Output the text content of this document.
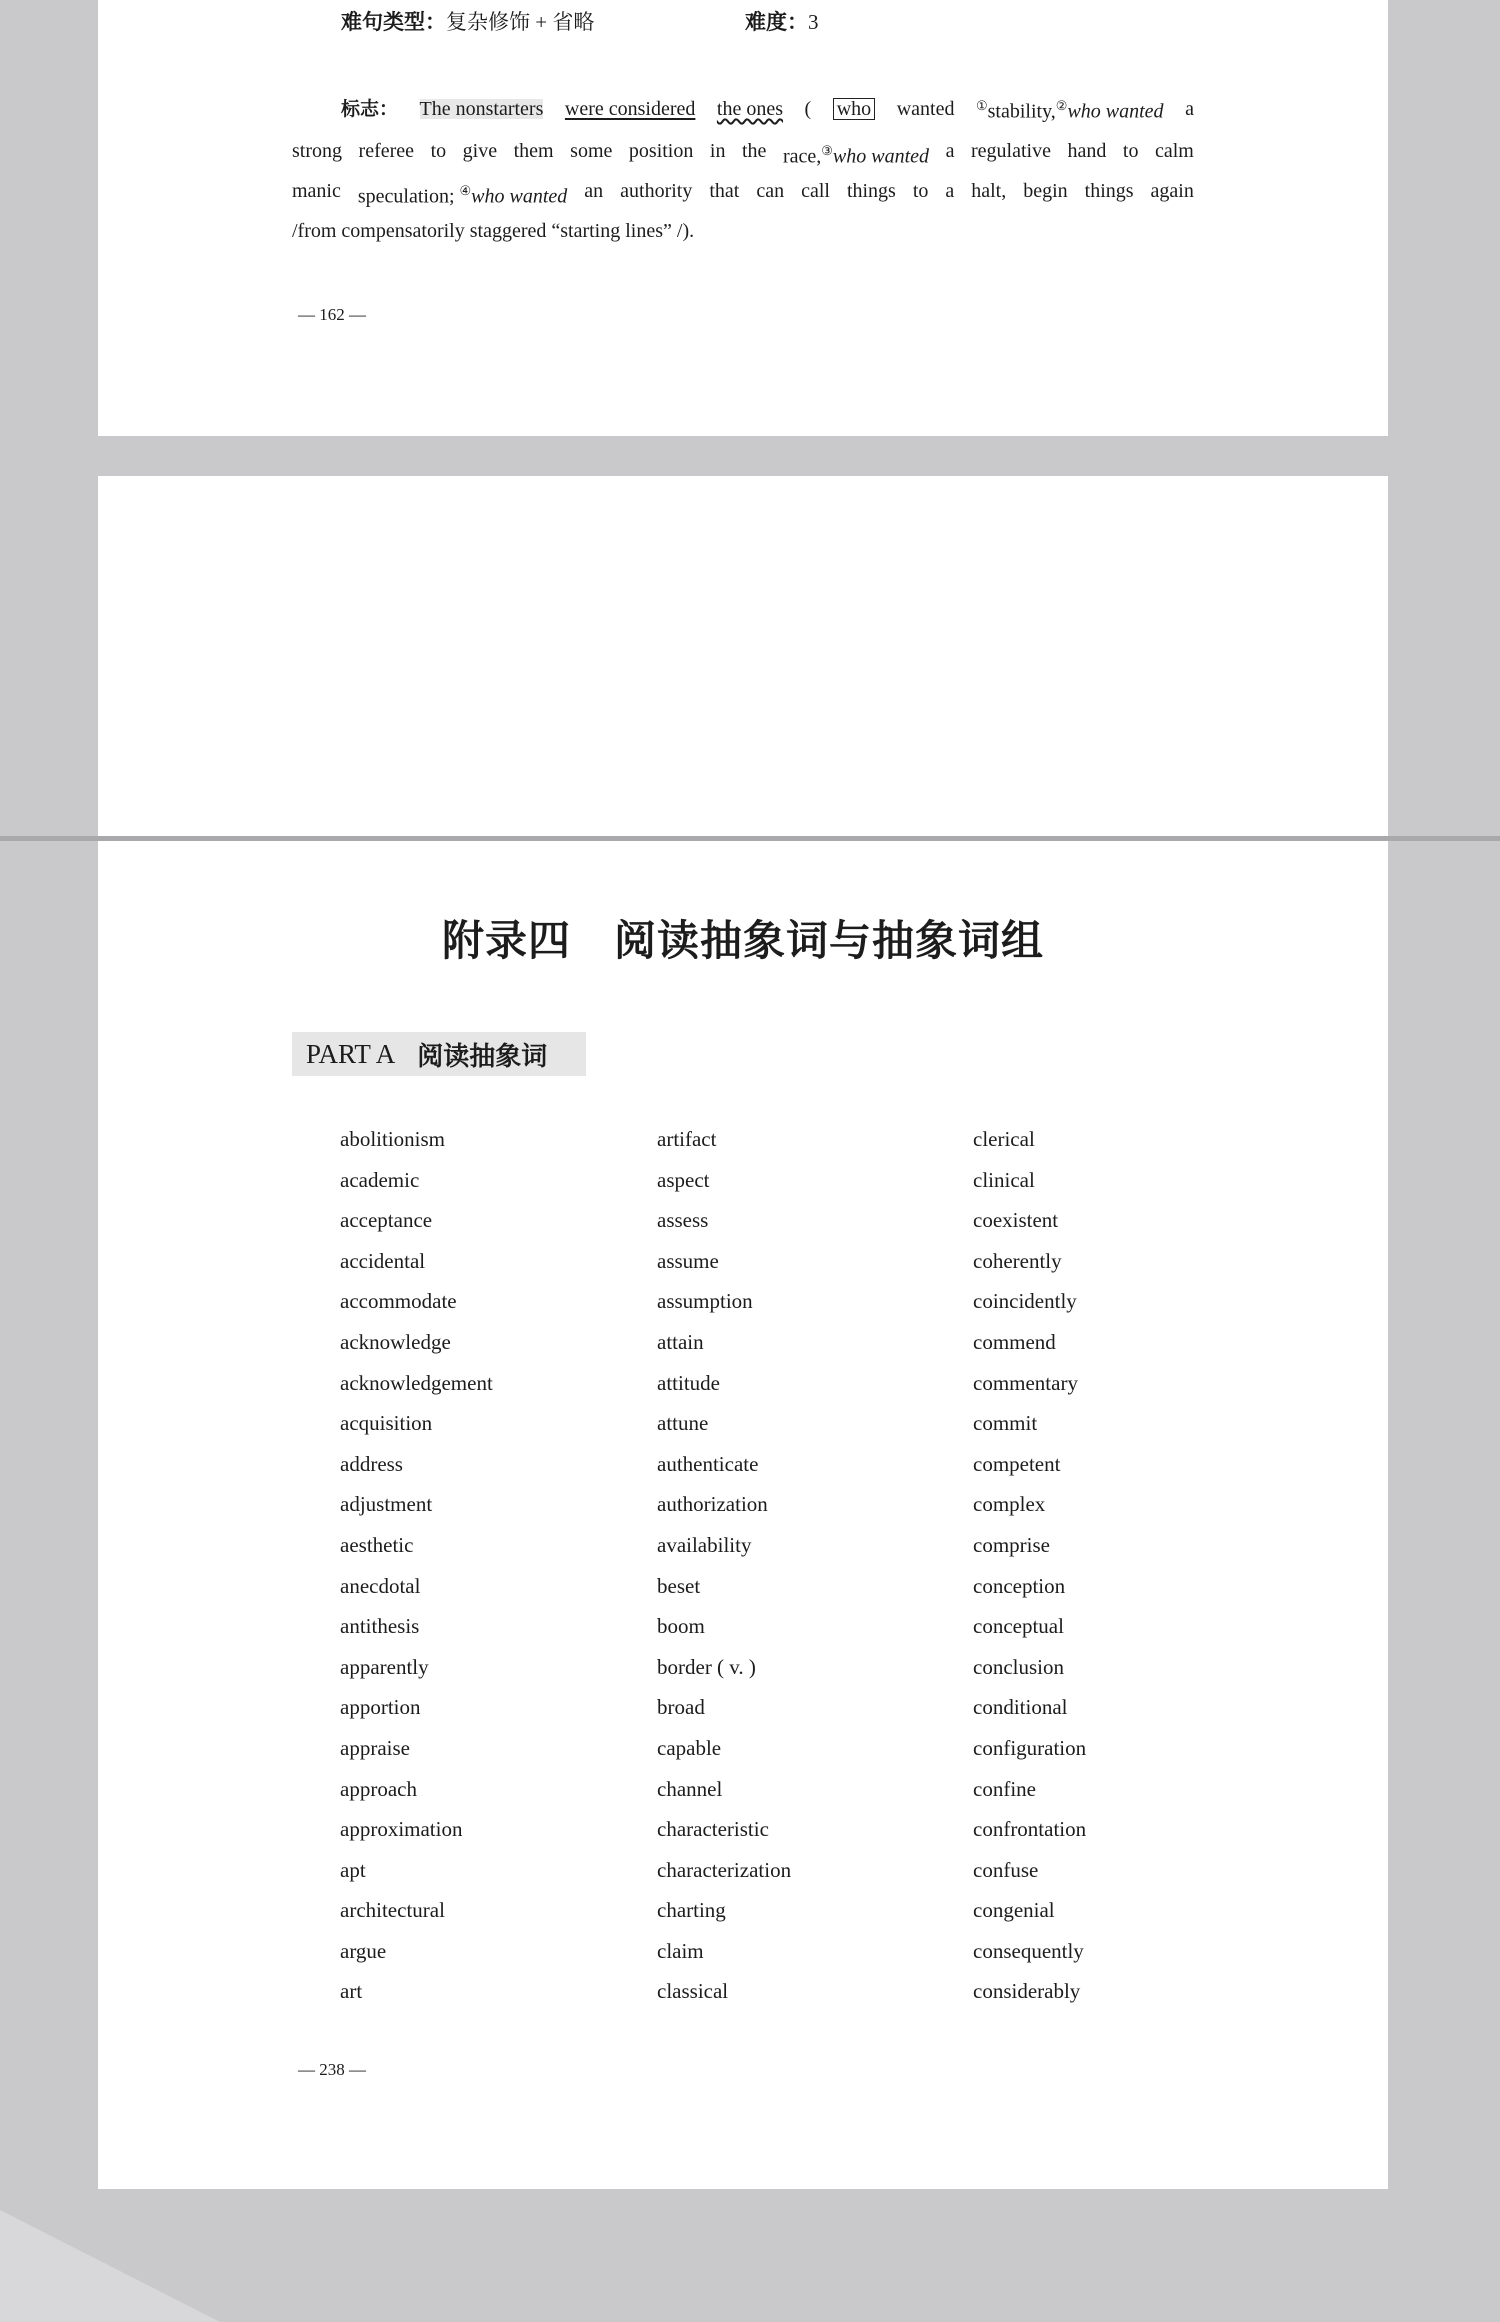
难句类型：复杂修饰 + 省略	难度：3
标志： The nonstarters were considered the ones ( who wanted ①stability,②who wanted a
strong referee to give them some position in the race,③who wanted a regulative hand to calm
manic speculation; ④who wanted an authority that can call things to a halt, begin things again
/from compensatorily staggered “starting lines” /).
— 162 —
附录四　阅读抽象词与抽象词组
PART A 阅读抽象词
abolitionism
academic
acceptance
accidental
accommodate
acknowledge
acknowledgement
acquisition
address
adjustment
aesthetic
anecdotal
antithesis
apparently
apportion
appraise
approach
approximation
apt
architectural
argue
art
artifact
aspect
assess
assume
assumption
attain
attitude
attune
authenticate
authorization
availability
beset
boom
border ( v. )
broad
capable
channel
characteristic
characterization
charting
claim
classical
clerical
clinical
coexistent
coherently
coincidently
commend
commentary
commit
competent
complex
comprise
conception
conceptual
conclusion
conditional
configuration
confine
confrontation
confuse
congenial
consequently
considerably
— 238 —
